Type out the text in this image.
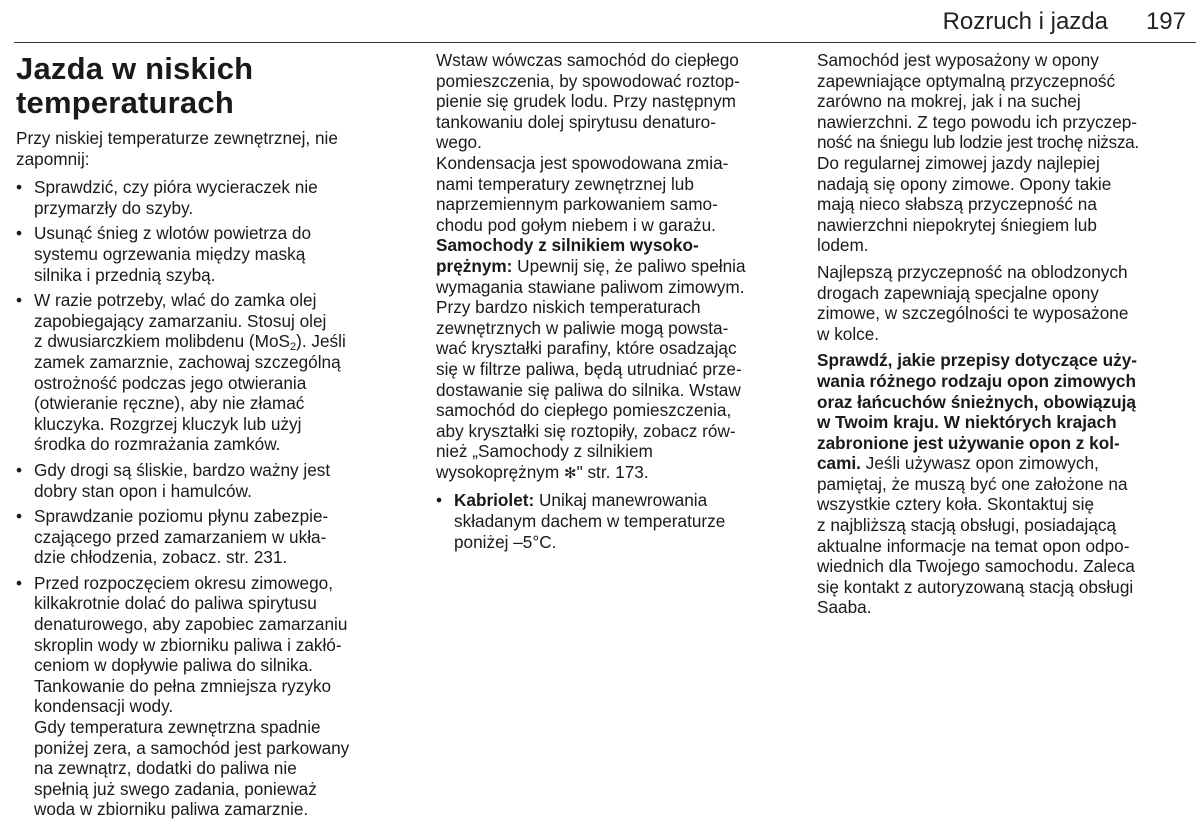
Rozruch i jazda 197
Jazda w niskich
temperaturach
Przy niskiej temperaturze zewnętrznej, nie
zapomnij:
• Sprawdzić, czy pióra wycieraczek nie
przymarzły do szyby.
• Usunąć śnieg z wlotów powietrza do
systemu ogrzewania między maską
silnika i przednią szybą.
• W razie potrzeby, wlać do zamka olej
zapobiegający zamarzaniu. Stosuj olej
z dwusiarczkiem molibdenu (MoS$_2$). Jeśli
zamek zamarznie, zachowaj szczególną
ostrożność podczas jego otwierania
(otwieranie ręczne), aby nie złamać
kluczyka. Rozgrzej kluczyk lub użyj
środka do rozmrażania zamków.
• Gdy drogi są śliskie, bardzo ważny jest
dobry stan opon i hamulców.
• Sprawdzanie poziomu płynu zabezpie-
czającego przed zamarzaniem w ukła-
dzie chłodzenia, zobacz. str. 231.
• Przed rozpoczęciem okresu zimowego,
kilkakrotnie dolać do paliwa spirytusu
denaturowego, aby zapobiec zamarzaniu
skroplin wody w zbiorniku paliwa i zakłó-
ceniom w dopływie paliwa do silnika.
Tankowanie do pełna zmniejsza ryzyko
kondensacji wody.
Gdy temperatura zewnętrzna spadnie
poniżej zera, a samochód jest parkowany
na zewnątrz, dodatki do paliwa nie
spełnią już swego zadania, ponieważ
woda w zbiorniku paliwa zamarznie.
Wstaw wówczas samochód do ciepłego
pomieszczenia, by spowodować roztop-
pienie się grudek lodu. Przy następnym
tankowaniu dolej spirytusu denaturo-
wego.
Kondensacja jest spowodowana zmia-
nami temperatury zewnętrznej lub
naprzemiennym parkowaniem samo-
chodu pod gołym niebem i w garażu.
Samochody z silnikiem wysoko-
prężnym: Upewnij się, że paliwo spełnia
wymagania stawiane paliwom zimowym.
Przy bardzo niskich temperaturach
zewnętrznych w paliwie mogą powsta-
wać kryształki parafiny, które osadzając
się w filtrze paliwa, będą utrudniać prze-
dostawanie się paliwa do silnika. Wstaw
samochód do ciepłego pomieszczenia,
aby kryształki się roztopiły, zobacz rów-
nież „Samochody z silnikiem
wysokoprężnym ✻" str. 173.
• Kabriolet: Unikaj manewrowania
składanym dachem w temperaturze
poniżej –5°C.
Samochód jest wyposażony w opony
zapewniające optymalną przyczepność
zarówno na mokrej, jak i na suchej
nawierzchni. Z tego powodu ich przyczep-
ność na śniegu lub lodzie jest trochę niższa.
Do regularnej zimowej jazdy najlepiej
nadają się opony zimowe. Opony takie
mają nieco słabszą przyczepność na
nawierzchni niepokrytej śniegiem lub
lodem.
Najlepszą przyczepność na oblodzonych
drogach zapewniają specjalne opony
zimowe, w szczególności te wyposażone
w kolce.
Sprawdź, jakie przepisy dotyczące uży-
wania różnego rodzaju opon zimowych
oraz łańcuchów śnieżnych, obowiązują
w Twoim kraju. W niektórych krajach
zabronione jest używanie opon z kol-
cami. Jeśli używasz opon zimowych,
pamiętaj, że muszą być one założone na
wszystkie cztery koła. Skontaktuj się
z najbliższą stacją obsługi, posiadającą
aktualne informacje na temat opon odpo-
wiednich dla Twojego samochodu. Zaleca
się kontakt z autoryzowaną stacją obsługi
Saaba.
